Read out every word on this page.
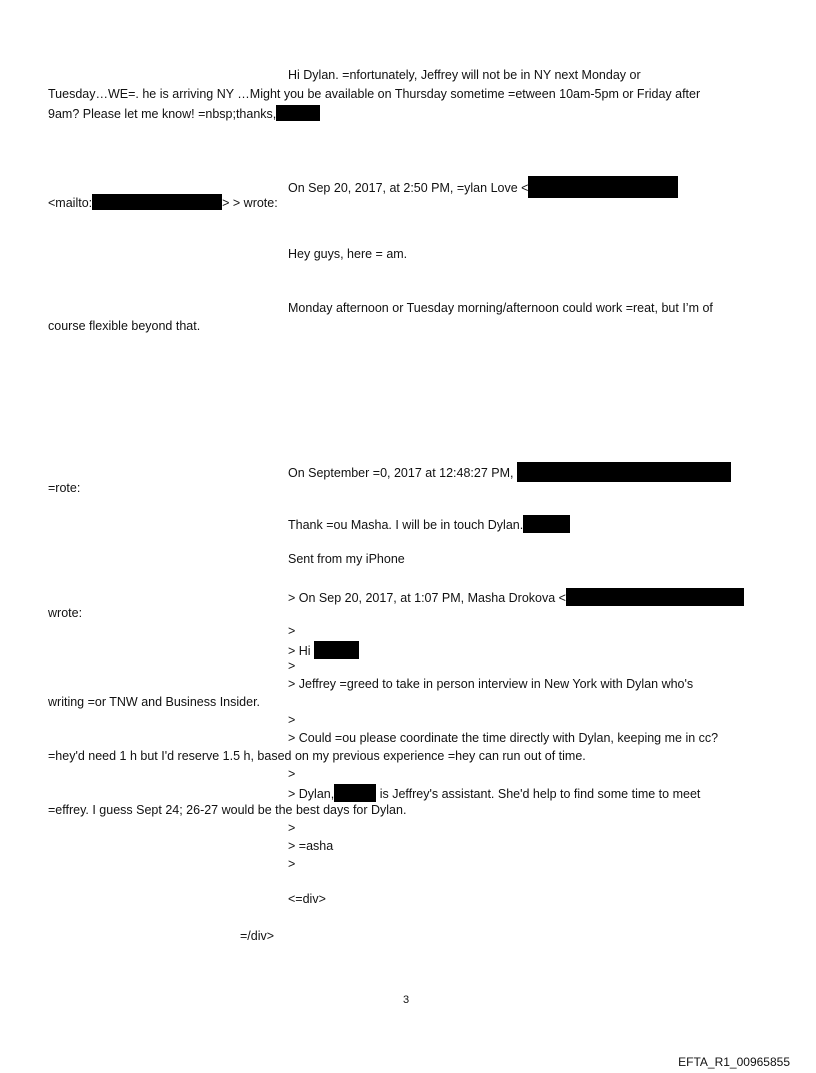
Hi Dylan. =nfortunately, Jeffrey will not be in NY next Monday or
Tuesday…WE=. he is arriving NY …Might you be available on Thursday sometime =etween 10am-5pm or Friday after
9am? Please let me know! =nbsp;thanks,
On Sep 20, 2017, at 2:50 PM, =ylan Love <
<mailto:	> > wrote:
Hey guys, here = am.
Monday afternoon or Tuesday morning/afternoon could work =reat, but I’m of
course flexible beyond that.
On September =0, 2017 at 12:48:27 PM,
=rote:
Thank =ou Masha. I will be in touch Dylan.
Sent from my iPhone
> On Sep 20, 2017, at 1:07 PM, Masha Drokova <
wrote:
>
> Hi
>
> Jeffrey =greed to take in person interview in New York with Dylan who's
writing =or TNW and Business Insider.
>
> Could =ou please coordinate the time directly with Dylan, keeping me in cc?
=hey'd need 1 h but I'd reserve 1.5 h, based on my previous experience =hey can run out of time.
>
> Dylan,	is Jeffrey's assistant. She'd help to find some time to meet
=effrey. I guess Sept 24; 26-27 would be the best days for Dylan.
>
> =asha
>
<=div>
=/div>
3
EFTA_R1_00965855
